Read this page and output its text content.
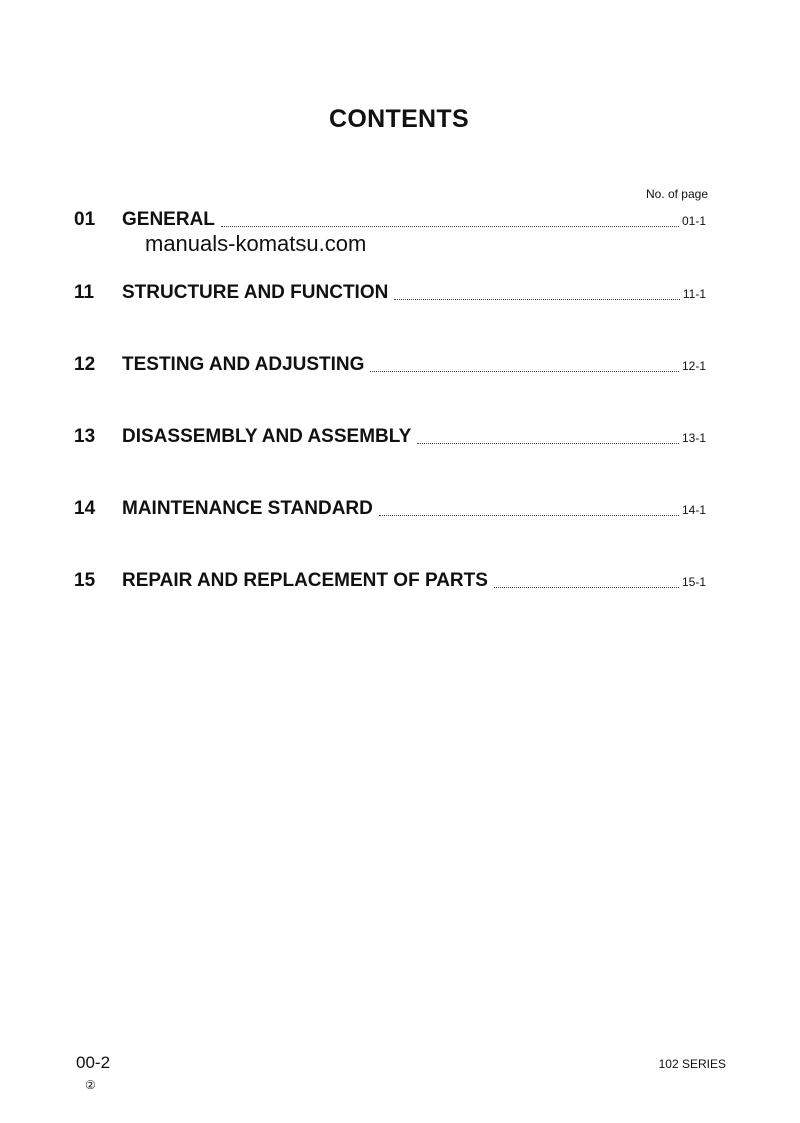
CONTENTS
No. of page
01	GENERAL	01-1
manuals-komatsu.com
11	STRUCTURE AND FUNCTION	11-1
12	TESTING AND ADJUSTING	12-1
13	DISASSEMBLY AND ASSEMBLY	13-1
14	MAINTENANCE STANDARD	14-1
15	REPAIR AND REPLACEMENT OF PARTS	15-1
00-2
②
102 SERIES
